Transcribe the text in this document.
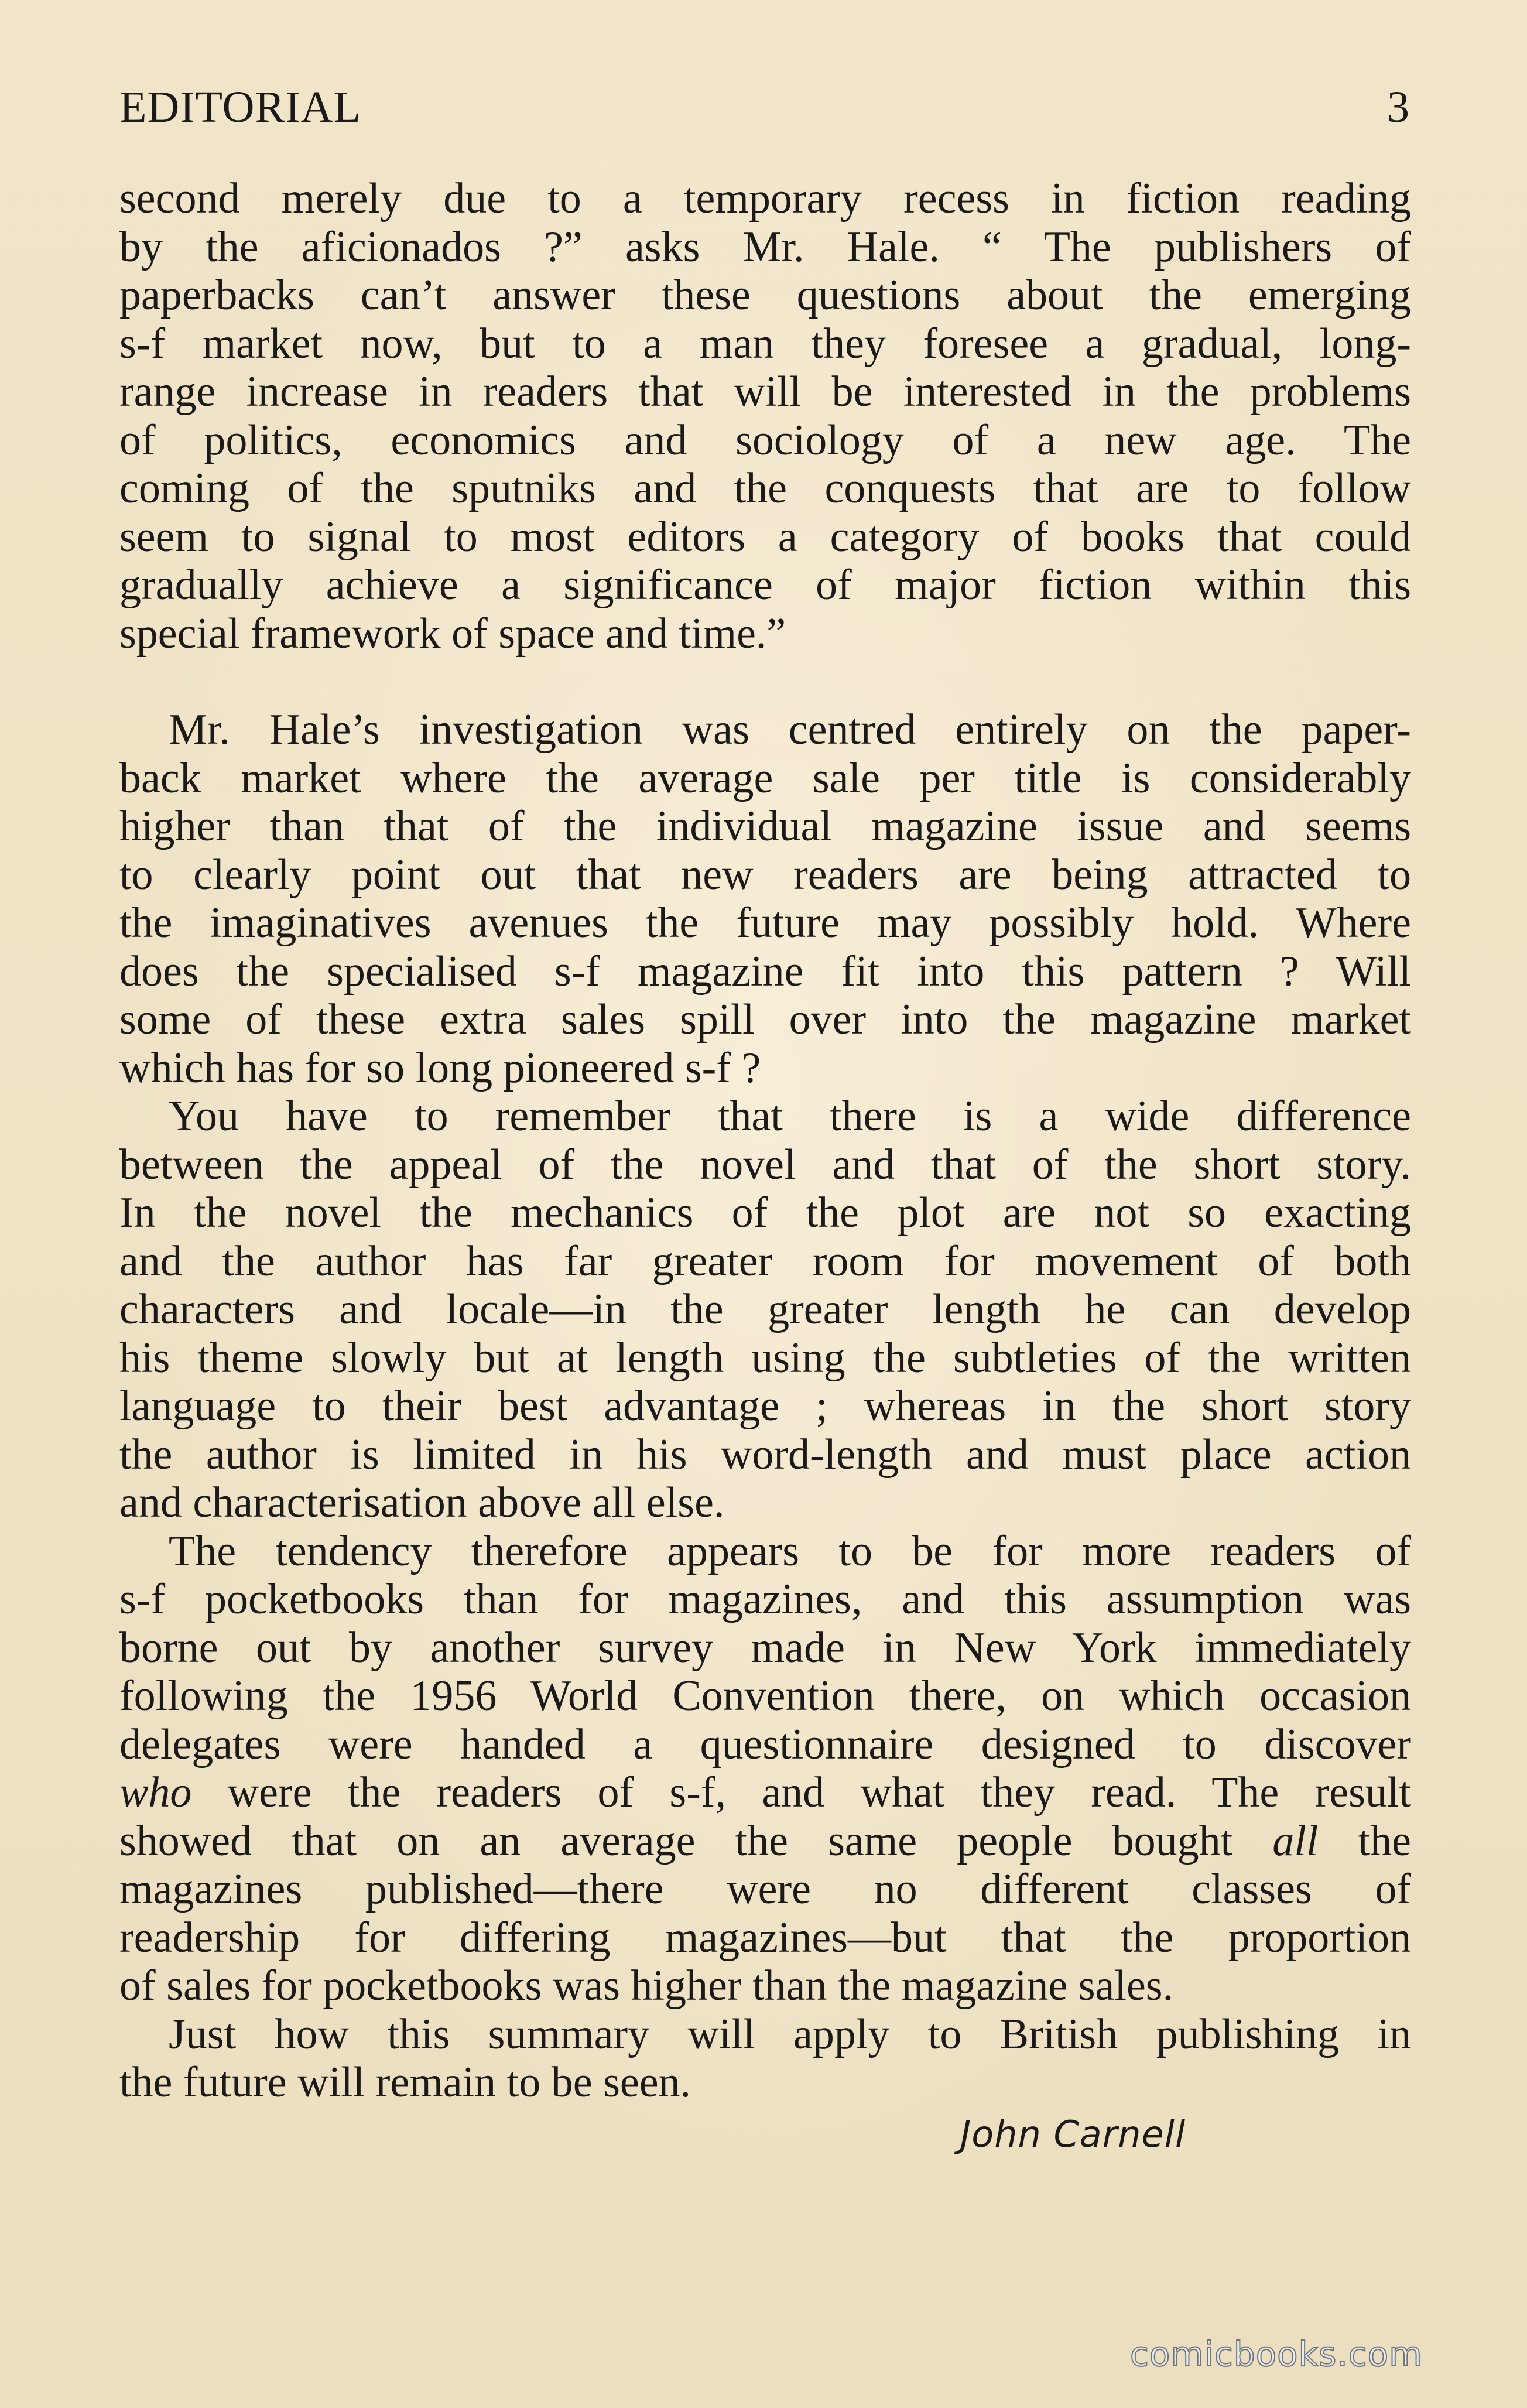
EDITORIAL	3
second merely due to a temporary recess in fiction reading
by the aficionados ?” asks Mr. Hale. “ The publishers of
paperbacks can’t answer these questions about the emerging
s-f market now, but to a man they foresee a gradual, long-
range increase in readers that will be interested in the problems
of politics, economics and sociology of a new age. The
coming of the sputniks and the conquests that are to follow
seem to signal to most editors a category of books that could
gradually achieve a significance of major fiction within this
special framework of space and time.”
Mr. Hale’s investigation was centred entirely on the paper-
back market where the average sale per title is considerably
higher than that of the individual magazine issue and seems
to clearly point out that new readers are being attracted to
the imaginatives avenues the future may possibly hold. Where
does the specialised s-f magazine fit into this pattern ? Will
some of these extra sales spill over into the magazine market
which has for so long pioneered s-f ?
You have to remember that there is a wide difference
between the appeal of the novel and that of the short story.
In the novel the mechanics of the plot are not so exacting
and the author has far greater room for movement of both
characters and locale—in the greater length he can develop
his theme slowly but at length using the subtleties of the written
language to their best advantage ; whereas in the short story
the author is limited in his word-length and must place action
and characterisation above all else.
The tendency therefore appears to be for more readers of
s-f pocketbooks than for magazines, and this assumption was
borne out by another survey made in New York immediately
following the 1956 World Convention there, on which occasion
delegates were handed a questionnaire designed to discover
who were the readers of s-f, and what they read. The result
showed that on an average the same people bought all the
magazines published—there were no different classes of
readership for differing magazines—but that the proportion
of sales for pocketbooks was higher than the magazine sales.
Just how this summary will apply to British publishing in
the future will remain to be seen.
John Carnell
comicbooks.com
